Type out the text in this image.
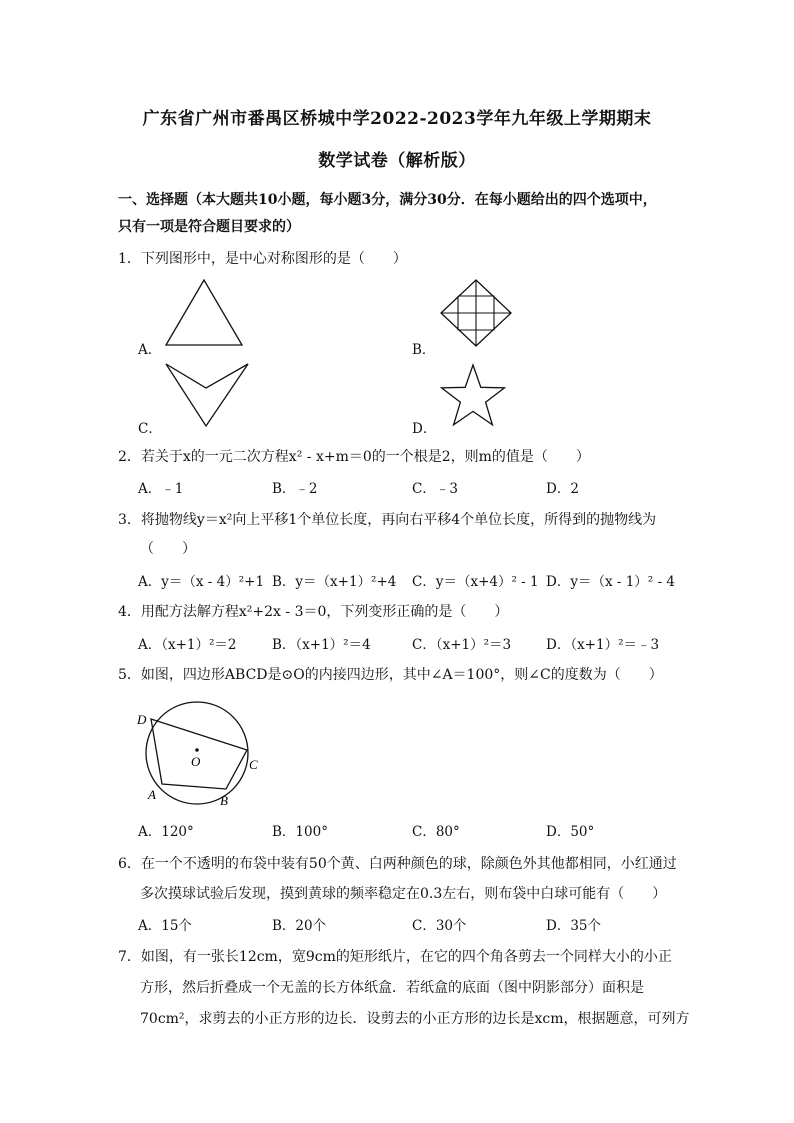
广东省广州市番禺区桥城中学2022-2023学年九年级上学期期末
数学试卷（解析版）
一、选择题（本大题共10小题，每小题3分，满分30分．在每小题给出的四个选项中，
只有一项是符合题目要求的）
1．下列图形中，是中心对称图形的是（　　）
A．	B．
C．	D．
2．若关于x的一元二次方程x² - x+m＝0的一个根是2，则m的值是（　　）
A．﹣1	B．﹣2	C．﹣3	D．2
3．将抛物线y＝x²向上平移1个单位长度，再向右平移4个单位长度，所得到的抛物线为
（　　）
A．y＝（x - 4）²+1 B．y＝（x+1）²+4 C．y＝（x+4）² - 1 D．y＝（x - 1）² - 4
4．用配方法解方程x²+2x - 3＝0，下列变形正确的是（　　）
A．（x+1）²＝2	B．（x+1）²＝4	C．（x+1）²＝3	D．（x+1）²＝﹣3
5．如图，四边形ABCD是⊙O的内接四边形，其中∠A＝100°，则∠C的度数为（　　）
D
O	C
A	B
A．120°	B．100°	C．80°	D．50°
6．在一个不透明的布袋中装有50个黄、白两种颜色的球，除颜色外其他都相同，小红通过
多次摸球试验后发现，摸到黄球的频率稳定在0.3左右，则布袋中白球可能有（　　）
A．15个	B．20个	C．30个	D．35个
7．如图，有一张长12cm，宽9cm的矩形纸片，在它的四个角各剪去一个同样大小的小正
方形，然后折叠成一个无盖的长方体纸盒．若纸盒的底面（图中阴影部分）面积是
70cm²，求剪去的小正方形的边长．设剪去的小正方形的边长是xcm，根据题意，可列方
